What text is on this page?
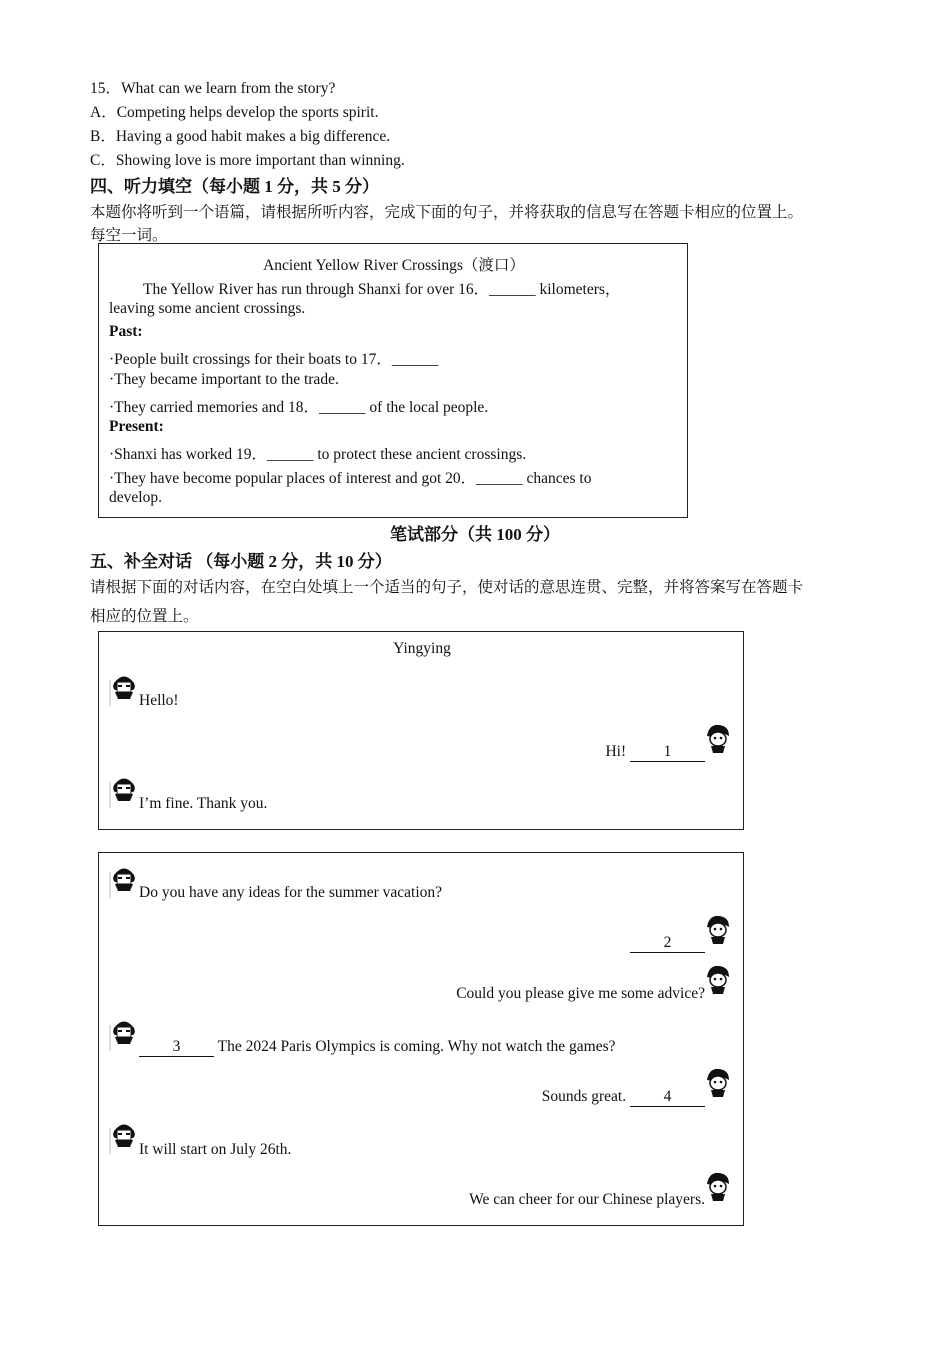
15．What can we learn from the story?
A．Competing helps develop the sports spirit.
B．Having a good habit makes a big difference.
C．Showing love is more important than winning.
四、听力填空（每小题 1 分，共 5 分）
本题你将听到一个语篇，请根据所听内容，完成下面的句子，并将获取的信息写在答题卡相应的位置上。
每空一词。
Ancient Yellow River Crossings（渡口）
The Yellow River has run through Shanxi for over 16．______ kilometers，
leaving some ancient crossings.
Past:
·People built crossings for their boats to 17．______
·They became important to the trade.
·They carried memories and 18．______ of the local people.
Present:
·Shanxi has worked 19．______ to protect these ancient crossings.
·They have become popular places of interest and got 20．______ chances to
develop.
笔试部分（共 100 分）
五、补全对话 （每小题 2 分，共 10 分）
请根据下面的对话内容，在空白处填上一个适当的句子，使对话的意思连贯、完整，并将答案写在答题卡
相应的位置上。
Yingying
Hello!
Hi! 1
I’m fine. Thank you.
Do you have any ideas for the summer vacation?
2
Could you please give me some advice?
3 The 2024 Paris Olympics is coming. Why not watch the games?
Sounds great. 4
It will start on July 26th.
We can cheer for our Chinese players.
